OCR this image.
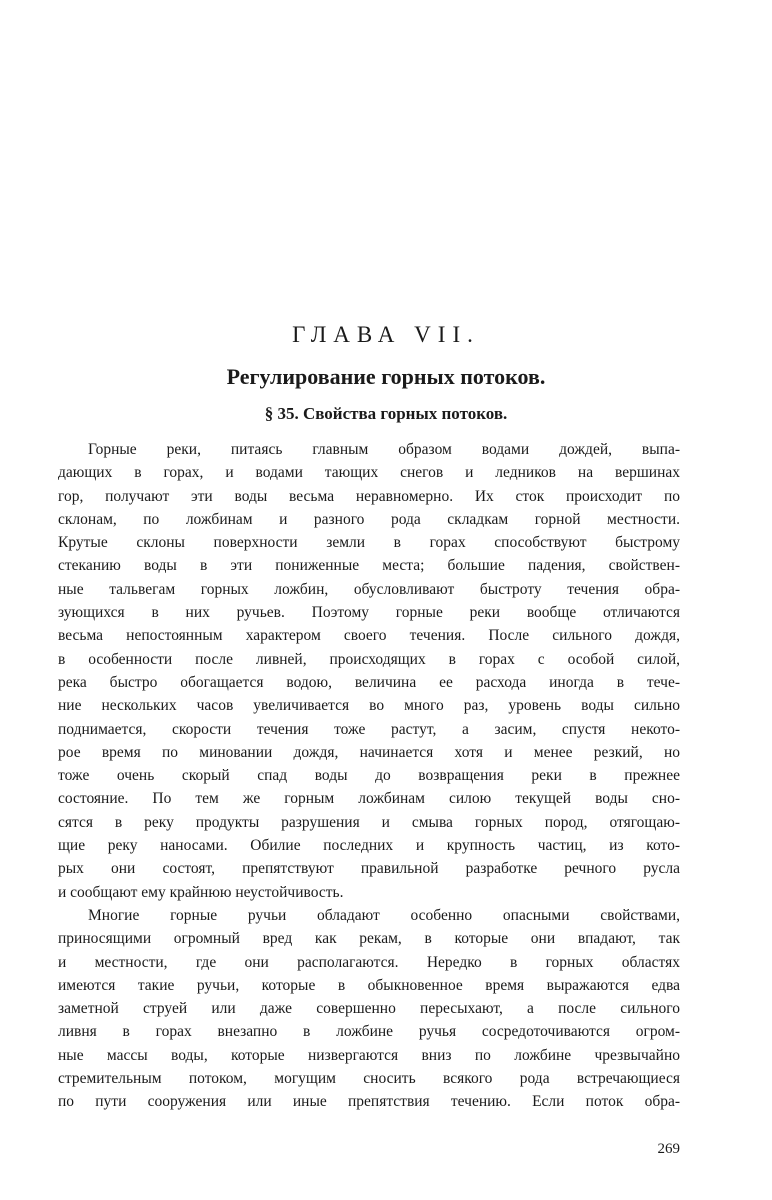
ГЛАВА VII.
Регулирование горных потоков.
§ 35. Свойства горных потоков.
Горные реки, питаясь главным образом водами дождей, выпа-
дающих в горах, и водами тающих снегов и ледников на вершинах
гор, получают эти воды весьма неравномерно. Их сток происходит по
склонам, по ложбинам и разного рода складкам горной местности.
Крутые склоны поверхности земли в горах способствуют быстрому
стеканию воды в эти пониженные места; большие падения, свойствен-
ные тальвегам горных ложбин, обусловливают быстроту течения обра-
зующихся в них ручьев. Поэтому горные реки вообще отличаются
весьма непостоянным характером своего течения. После сильного дождя,
в особенности после ливней, происходящих в горах с особой силой,
река быстро обогащается водою, величина ее расхода иногда в тече-
ние нескольких часов увеличивается во много раз, уровень воды сильно
поднимается, скорости течения тоже растут, а засим, спустя некото-
рое время по миновании дождя, начинается хотя и менее резкий, но
тоже очень скорый спад воды до возвращения реки в прежнее
состояние. По тем же горным ложбинам силою текущей воды сно-
сятся в реку продукты разрушения и смыва горных пород, отягощаю-
щие реку наносами. Обилие последних и крупность частиц, из кото-
рых они состоят, препятствуют правильной разработке речного русла
и сообщают ему крайнюю неустойчивость.
Многие горные ручьи обладают особенно опасными свойствами,
приносящими огромный вред как рекам, в которые они впадают, так
и местности, где они располагаются. Нередко в горных областях
имеются такие ручьи, которые в обыкновенное время выражаются едва
заметной струей или даже совершенно пересыхают, а после сильного
ливня в горах внезапно в ложбине ручья сосредоточиваются огром-
ные массы воды, которые низвергаются вниз по ложбине чрезвычайно
стремительным потоком, могущим сносить всякого рода встречающиеся
по пути сооружения или иные препятствия течению. Если поток обра-
269
